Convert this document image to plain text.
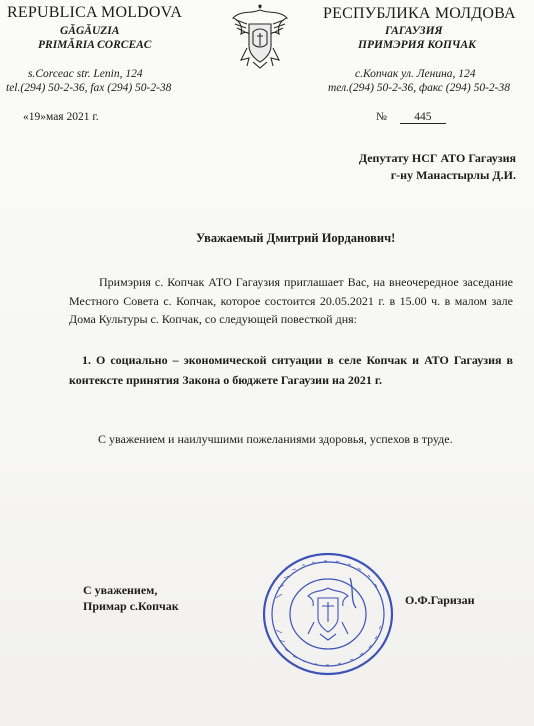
REPUBLICA MOLDOVA
GĂGĂUZIA
PRIMĂRIA CORCEAC
s.Corceac str. Lenin, 124
tel.(294) 50-2-36, fax (294) 50-2-38
РЕСПУБЛИКА МОЛДОВА
ГАГАУЗИЯ
ПРИМЭРИЯ КОПЧАК
с.Копчак ул. Ленина, 124
тел.(294) 50-2-36, факс (294) 50-2-38
«19»мая 2021 г.	№ 445
Депутату НСГ АТО Гагаузия
г-ну Манастырлы Д.И.
Уважаемый Дмитрий Иорданович!
Примэрия с. Копчак АТО Гагаузия приглашает Вас, на внеочередное заседание Местного Совета с. Копчак, которое состоится 20.05.2021 г. в 15.00 ч. в малом зале Дома Культуры с. Копчак, со следующей повесткой дня:
1. О социально – экономической ситуации в селе Копчак и АТО Гагаузия в контексте принятия Закона о бюджете Гагаузии на 2021 г.
С уважением и наилучшими пожеланиями здоровья, успехов в труде.
С уважением,
Примар с.Копчак	О.Ф.Гаризан
